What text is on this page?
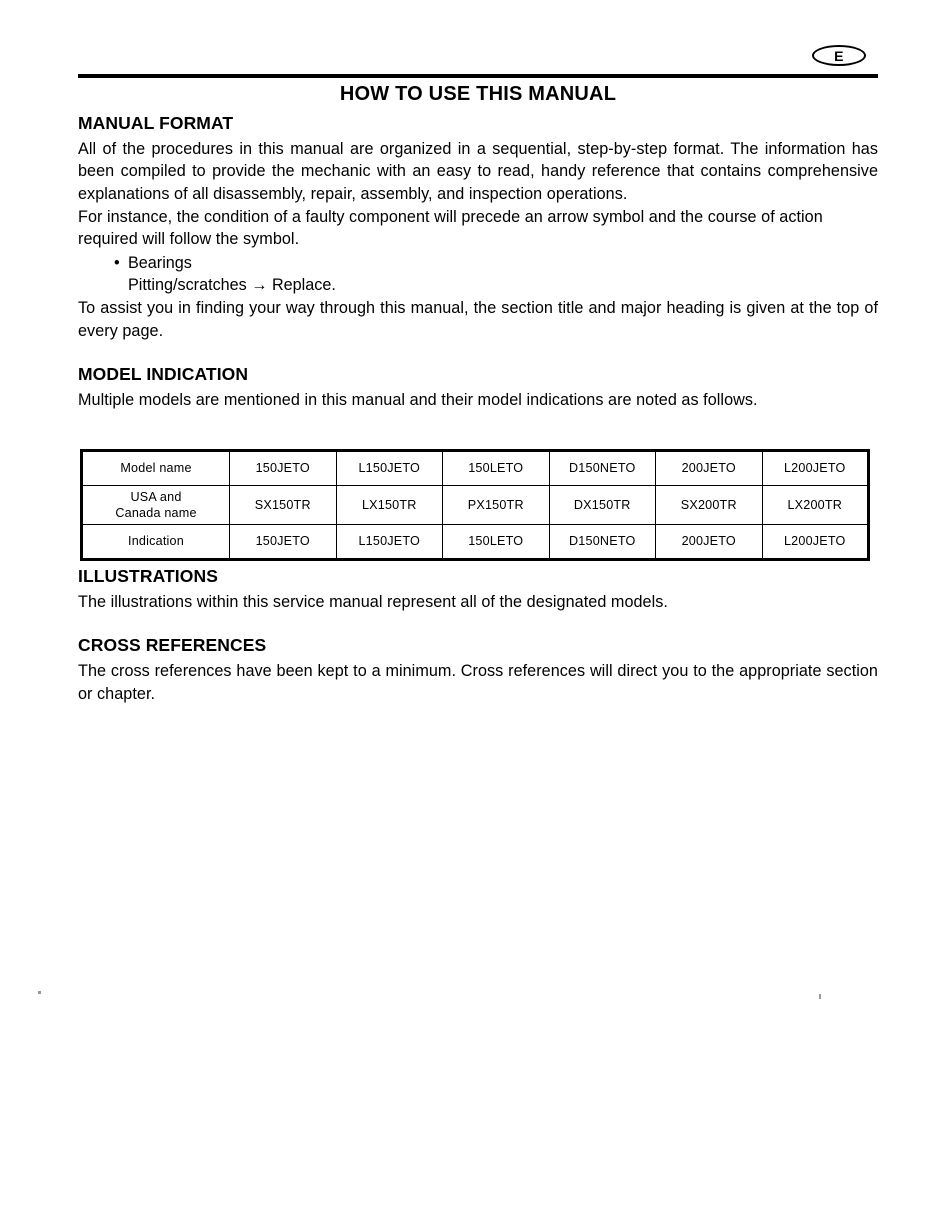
E
HOW TO USE THIS MANUAL
MANUAL FORMAT

All of the procedures in this manual are organized in a sequential, step-by-step format. The information has been compiled to provide the mechanic with an easy to read, handy reference that contains comprehensive explanations of all disassembly, repair, assembly, and inspection operations.

For instance, the condition of a faulty component will precede an arrow symbol and the course of action required will follow the symbol.

• Bearings
Pitting/scratches → Replace.

To assist you in finding your way through this manual, the section title and major heading is given at the top of every page.

MODEL INDICATION

Multiple models are mentioned in this manual and their model indications are noted as follows.

Model name	150JETO	L150JETO	150LETO	D150NETO	200JETO	L200JETO

USA and
Canada name	SX150TR	LX150TR	PX150TR	DX150TR	SX200TR	LX200TR
Indication	150JETO	L150JETO	150LETO	D150NETO	200JETO	L200JETO
ILLUSTRATIONS

The illustrations within this service manual represent all of the designated models.

CROSS REFERENCES

The cross references have been kept to a minimum. Cross references will direct you to the appropriate section or chapter.
